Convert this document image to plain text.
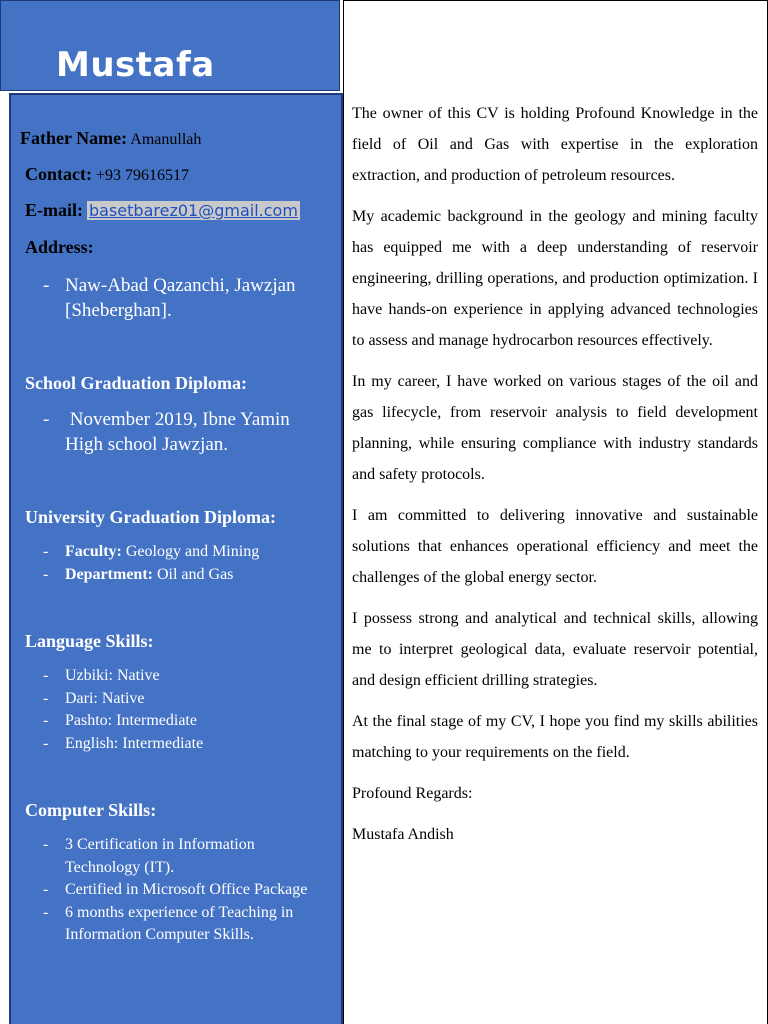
Mustafa
Father Name: Amanullah
Contact: +93 79616517
E-mail: basetbarez01@gmail.com
Address:
- Naw-Abad Qazanchi, Jawzjan
[Sheberghan].
School Graduation Diploma:
- November 2019, Ibne Yamin
High school Jawzjan.
University Graduation Diploma:
- Faculty: Geology and Mining
- Department: Oil and Gas
Language Skills:
- Uzbiki: Native
- Dari: Native
- Pashto: Intermediate
- English: Intermediate
Computer Skills:
- 3 Certification in Information
Technology (IT).
- Certified in Microsoft Office Package
- 6 months experience of Teaching in
Information Computer Skills.

The owner of this CV is holding Profound Knowledge in the field of Oil and Gas with expertise in the exploration extraction, and production of petroleum resources.

My academic background in the geology and mining faculty has equipped me with a deep understanding of reservoir engineering, drilling operations, and production optimization. I have hands-on experience in applying advanced technologies to assess and manage hydrocarbon resources effectively.

In my career, I have worked on various stages of the oil and gas lifecycle, from reservoir analysis to field development planning, while ensuring compliance with industry standards and safety protocols.

I am committed to delivering innovative and sustainable solutions that enhances operational efficiency and meet the challenges of the global energy sector.

I possess strong and analytical and technical skills, allowing me to interpret geological data, evaluate reservoir potential, and design efficient drilling strategies.

At the final stage of my CV, I hope you find my skills abilities matching to your requirements on the field.

Profound Regards:

Mustafa Andish
